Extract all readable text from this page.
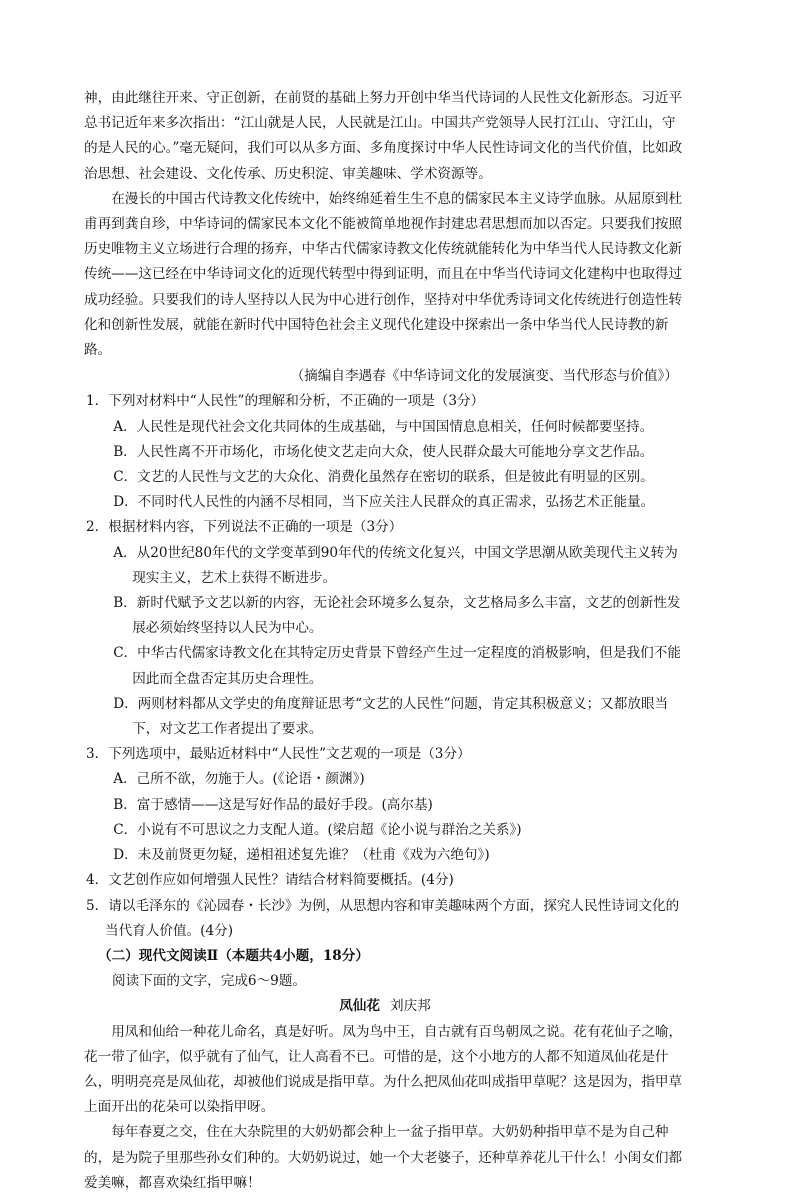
神，由此继往开来、守正创新，在前贤的基础上努力开创中华当代诗词的人民性文化新形态。习近平总书记近年来多次指出：“江山就是人民，人民就是江山。中国共产党领导人民打江山、守江山，守的是人民的心。”毫无疑问，我们可以从多方面、多角度探讨中华人民性诗词文化的当代价值，比如政治思想、社会建设、文化传承、历史积淀、审美趣味、学术资源等。

在漫长的中国古代诗教文化传统中，始终绵延着生生不息的儒家民本主义诗学血脉。从屈原到杜甫再到龚自珍，中华诗词的儒家民本文化不能被简单地视作封建忠君思想而加以否定。只要我们按照历史唯物主义立场进行合理的扬弃，中华古代儒家诗教文化传统就能转化为中华当代人民诗教文化新传统——这已经在中华诗词文化的近现代转型中得到证明，而且在中华当代诗词文化建构中也取得过成功经验。只要我们的诗人坚持以人民为中心进行创作，坚持对中华优秀诗词文化传统进行创造性转化和创新性发展，就能在新时代中国特色社会主义现代化建设中探索出一条中华当代人民诗教的新路。

（摘编自李遇春《中华诗词文化的发展演变、当代形态与价值》）

1．下列对材料中“人民性”的理解和分析，不正确的一项是（3分）
A．人民性是现代社会文化共同体的生成基础，与中国国情息息相关，任何时候都要坚持。
B．人民性离不开市场化，市场化使文艺走向大众，使人民群众最大可能地分享文艺作品。
C．文艺的人民性与文艺的大众化、消费化虽然存在密切的联系，但是彼此有明显的区别。
D．不同时代人民性的内涵不尽相同，当下应关注人民群众的真正需求，弘扬艺术正能量。
2．根据材料内容，下列说法不正确的一项是（3分）
A．从20世纪80年代的文学变革到90年代的传统文化复兴，中国文学思潮从欧美现代主义转为现实主义，艺术上获得不断进步。
B．新时代赋予文艺以新的内容，无论社会环境多么复杂，文艺格局多么丰富，文艺的创新性发展必须始终坚持以人民为中心。
C．中华古代儒家诗教文化在其特定历史背景下曾经产生过一定程度的消极影响，但是我们不能因此而全盘否定其历史合理性。
D．两则材料都从文学史的角度辩证思考“文艺的人民性”问题，肯定其积极意义；又都放眼当下，对文艺工作者提出了要求。
3．下列选项中，最贴近材料中“人民性”文艺观的一项是（3分）
A．己所不欲，勿施于人。(《论语・颜渊》)
B．富于感情——这是写好作品的最好手段。(高尔基)
C．小说有不可思议之力支配人道。(梁启超《论小说与群治之关系》)
D．未及前贤更勿疑，递相祖述复先谁？（杜甫《戏为六绝句》)
4．文艺创作应如何增强人民性？请结合材料简要概括。(4分)
5．请以毛泽东的《沁园春・长沙》为例，从思想内容和审美趣味两个方面，探究人民性诗词文化的当代育人价值。(4分)

（二）现代文阅读Ⅱ（本题共4小题，18分）

阅读下面的文字，完成6～9题。

凤仙花 刘庆邦

用凤和仙给一种花儿命名，真是好听。凤为鸟中王，自古就有百鸟朝凤之说。花有花仙子之喻，花一带了仙字，似乎就有了仙气，让人高看不已。可惜的是，这个小地方的人都不知道凤仙花是什么，明明亮亮是凤仙花，却被他们说成是指甲草。为什么把凤仙花叫成指甲草呢？这是因为，指甲草上面开出的花朵可以染指甲呀。

每年春夏之交，住在大杂院里的大奶奶都会种上一盆子指甲草。大奶奶种指甲草不是为自己种的，是为院子里那些孙女们种的。大奶奶说过，她一个大老婆子，还种草养花儿干什么！小闺女们都爱美嘛，都喜欢染红指甲嘛！
